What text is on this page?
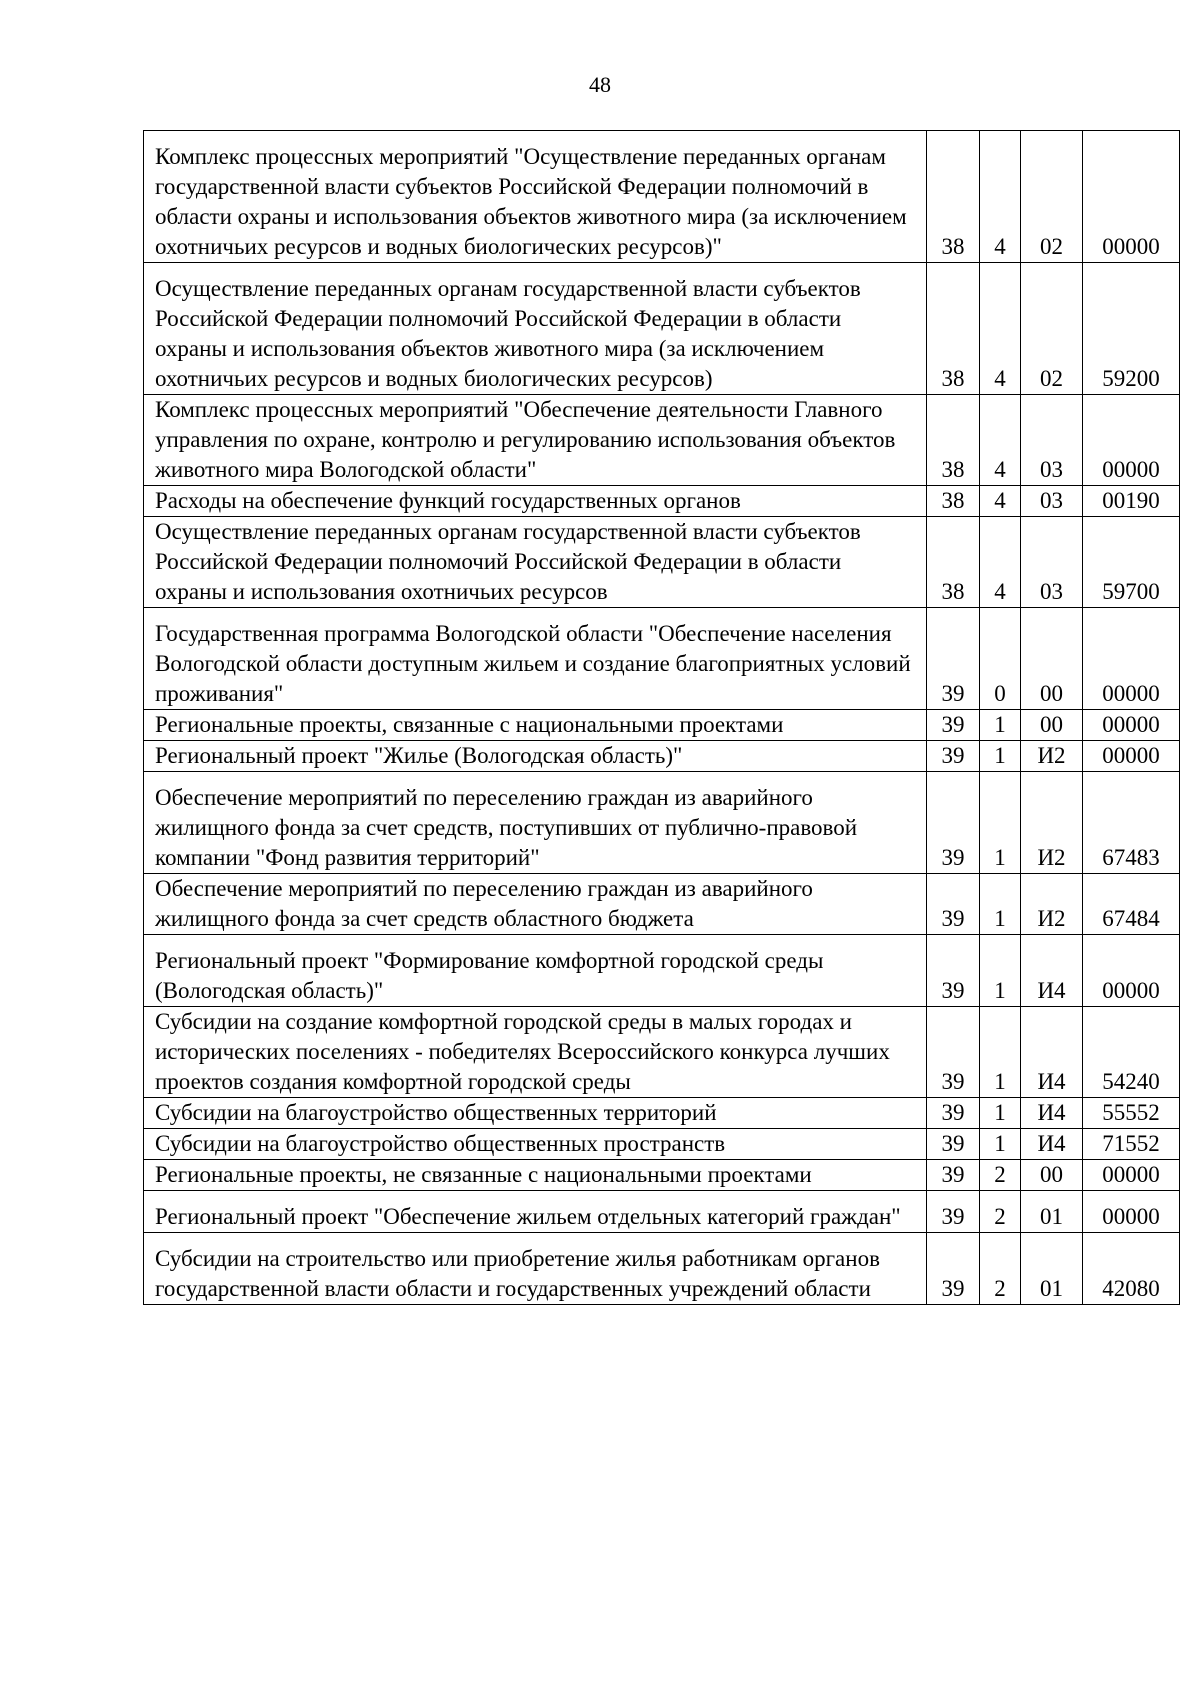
48
Комплекс процессных мероприятий "Осуществление переданных органам государственной власти субъектов Российской Федерации полномочий в области охраны и использования объектов животного мира (за исключением охотничьих ресурсов и водных биологических ресурсов)"	38	4	02	00000
Осуществление переданных органам государственной власти субъектов Российской Федерации полномочий Российской Федерации в области охраны и использования объектов животного мира (за исключением охотничьих ресурсов и водных биологических ресурсов)	38	4	02	59200
Комплекс процессных мероприятий "Обеспечение деятельности Главного управления по охране, контролю и регулированию использования объектов животного мира Вологодской области"	38	4	03	00000
Расходы на обеспечение функций государственных органов	38	4	03	00190
Осуществление переданных органам государственной власти субъектов Российской Федерации полномочий Российской Федерации в области охраны и использования охотничьих ресурсов	38	4	03	59700
Государственная программа Вологодской области "Обеспечение населения Вологодской области доступным жильем и создание благоприятных условий проживания"	39	0	00	00000
Региональные проекты, связанные с национальными проектами	39	1	00	00000
Региональный проект "Жилье (Вологодская область)"	39	1	И2	00000
Обеспечение мероприятий по переселению граждан из аварийного жилищного фонда за счет средств, поступивших от публично-правовой компании "Фонд развития территорий"	39	1	И2	67483
Обеспечение мероприятий по переселению граждан из аварийного жилищного фонда за счет средств областного бюджета	39	1	И2	67484
Региональный проект "Формирование комфортной городской среды (Вологодская область)"	39	1	И4	00000
Субсидии на создание комфортной городской среды в малых городах и исторических поселениях - победителях Всероссийского конкурса лучших проектов создания комфортной городской среды	39	1	И4	54240
Субсидии на благоустройство общественных территорий	39	1	И4	55552
Субсидии на благоустройство общественных пространств	39	1	И4	71552
Региональные проекты, не связанные с национальными проектами	39	2	00	00000
Региональный проект "Обеспечение жильем отдельных категорий граждан"	39	2	01	00000
Субсидии на строительство или приобретение жилья работникам органов государственной власти области и государственных учреждений области	39	2	01	42080
